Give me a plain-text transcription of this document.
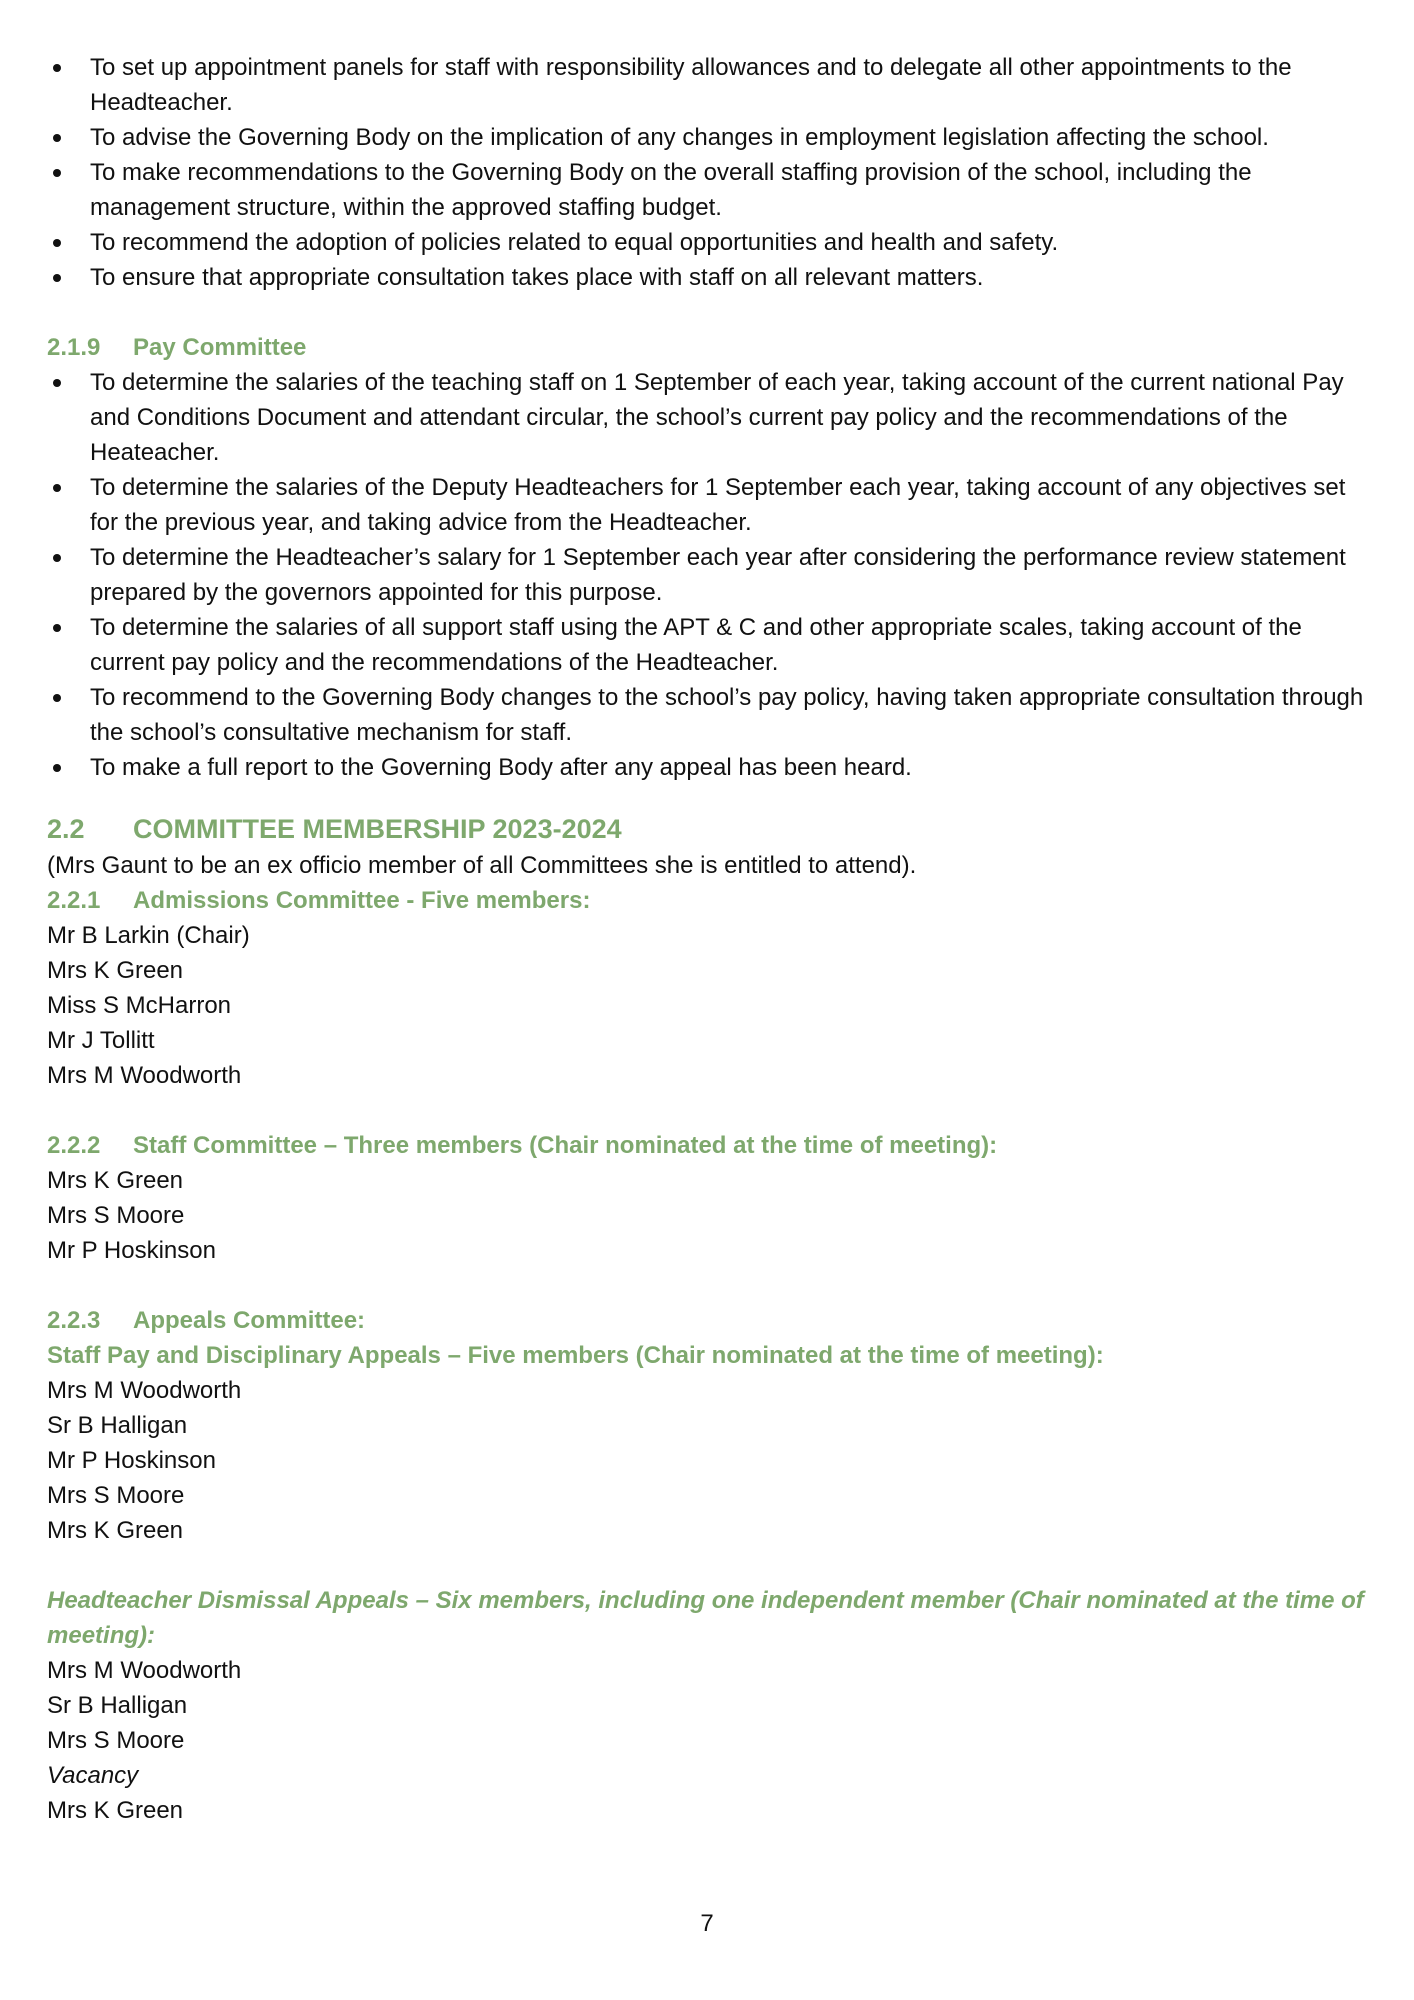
To set up appointment panels for staff with responsibility allowances and to delegate all other appointments to the Headteacher.
To advise the Governing Body on the implication of any changes in employment legislation affecting the school.
To make recommendations to the Governing Body on the overall staffing provision of the school, including the management structure, within the approved staffing budget.
To recommend the adoption of policies related to equal opportunities and health and safety.
To ensure that appropriate consultation takes place with staff on all relevant matters.
2.1.9 Pay Committee
To determine the salaries of the teaching staff on 1 September of each year, taking account of the current national Pay and Conditions Document and attendant circular, the school’s current pay policy and the recommendations of the Heateacher.
To determine the salaries of the Deputy Headteachers for 1 September each year, taking account of any objectives set for the previous year, and taking advice from the Headteacher.
To determine the Headteacher’s salary for 1 September each year after considering the performance review statement prepared by the governors appointed for this purpose.
To determine the salaries of all support staff using the APT & C and other appropriate scales, taking account of the current pay policy and the recommendations of the Headteacher.
To recommend to the Governing Body changes to the school’s pay policy, having taken appropriate consultation through the school’s consultative mechanism for staff.
To make a full report to the Governing Body after any appeal has been heard.
2.2 COMMITTEE MEMBERSHIP 2023-2024
(Mrs Gaunt to be an ex officio member of all Committees she is entitled to attend).
2.2.1 Admissions Committee - Five members:
Mr B Larkin (Chair)
Mrs K Green
Miss S McHarron
Mr J Tollitt
Mrs M Woodworth
2.2.2 Staff Committee – Three members (Chair nominated at the time of meeting):
Mrs K Green
Mrs S Moore
Mr P Hoskinson
2.2.3 Appeals Committee:
Staff Pay and Disciplinary Appeals – Five members (Chair nominated at the time of meeting):
Mrs M Woodworth
Sr B Halligan
Mr P Hoskinson
Mrs S Moore
Mrs K Green
Headteacher Dismissal Appeals – Six members, including one independent member (Chair nominated at the time of meeting):
Mrs M Woodworth
Sr B Halligan
Mrs S Moore
Vacancy
Mrs K Green
7
